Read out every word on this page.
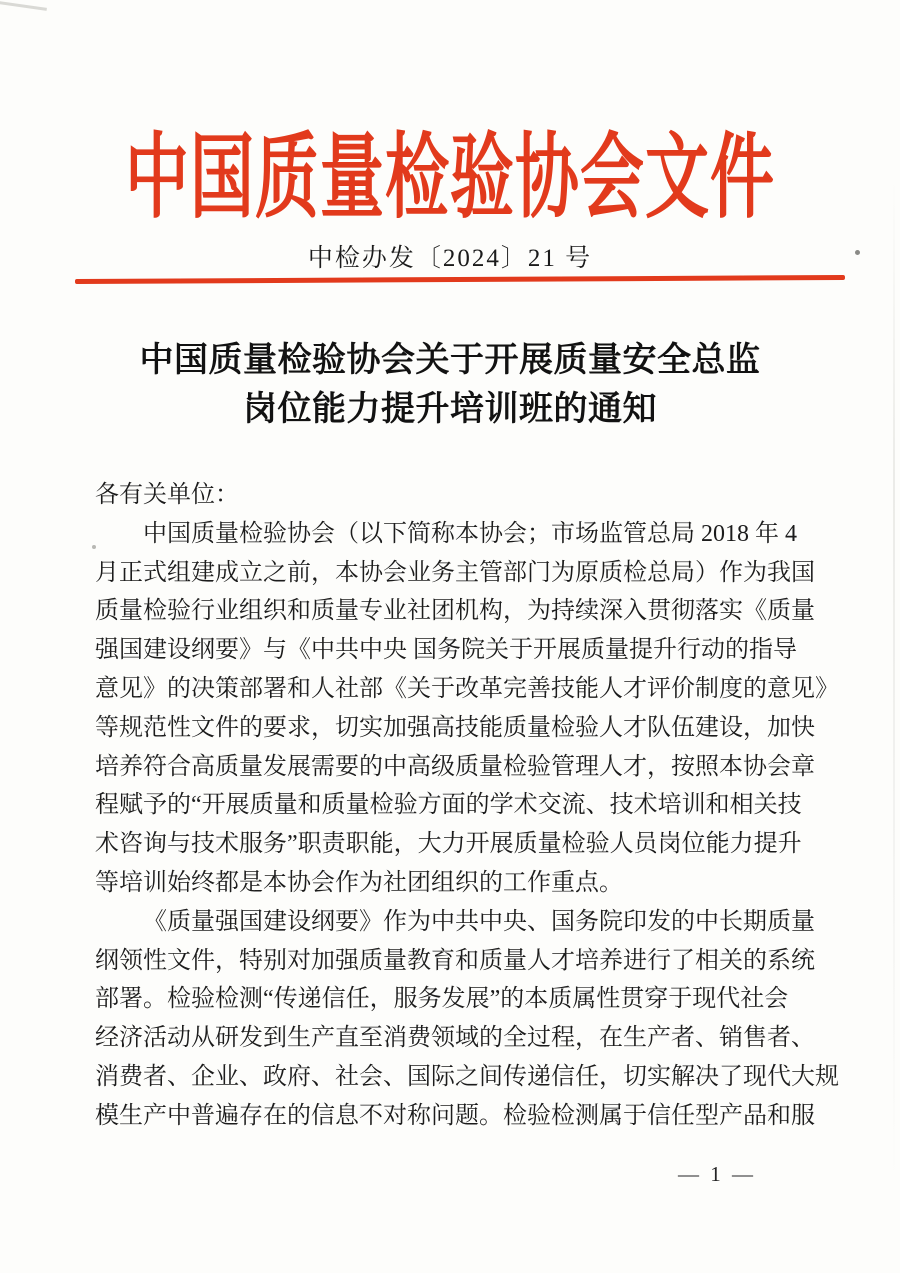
中国质量检验协会文件
中检办发〔2024〕21 号
中国质量检验协会关于开展质量安全总监
岗位能力提升培训班的通知
各有关单位：
中国质量检验协会（以下简称本协会；市场监管总局 2018 年 4
月正式组建成立之前，本协会业务主管部门为原质检总局）作为我国
质量检验行业组织和质量专业社团机构，为持续深入贯彻落实《质量
强国建设纲要》与《中共中央 国务院关于开展质量提升行动的指导
意见》的决策部署和人社部《关于改革完善技能人才评价制度的意见》
等规范性文件的要求，切实加强高技能质量检验人才队伍建设，加快
培养符合高质量发展需要的中高级质量检验管理人才，按照本协会章
程赋予的“开展质量和质量检验方面的学术交流、技术培训和相关技
术咨询与技术服务”职责职能，大力开展质量检验人员岗位能力提升
等培训始终都是本协会作为社团组织的工作重点。
《质量强国建设纲要》作为中共中央、国务院印发的中长期质量
纲领性文件，特别对加强质量教育和质量人才培养进行了相关的系统
部署。检验检测“传递信任，服务发展”的本质属性贯穿于现代社会
经济活动从研发到生产直至消费领域的全过程，在生产者、销售者、
消费者、企业、政府、社会、国际之间传递信任，切实解决了现代大规
模生产中普遍存在的信息不对称问题。检验检测属于信任型产品和服
— 1 —
